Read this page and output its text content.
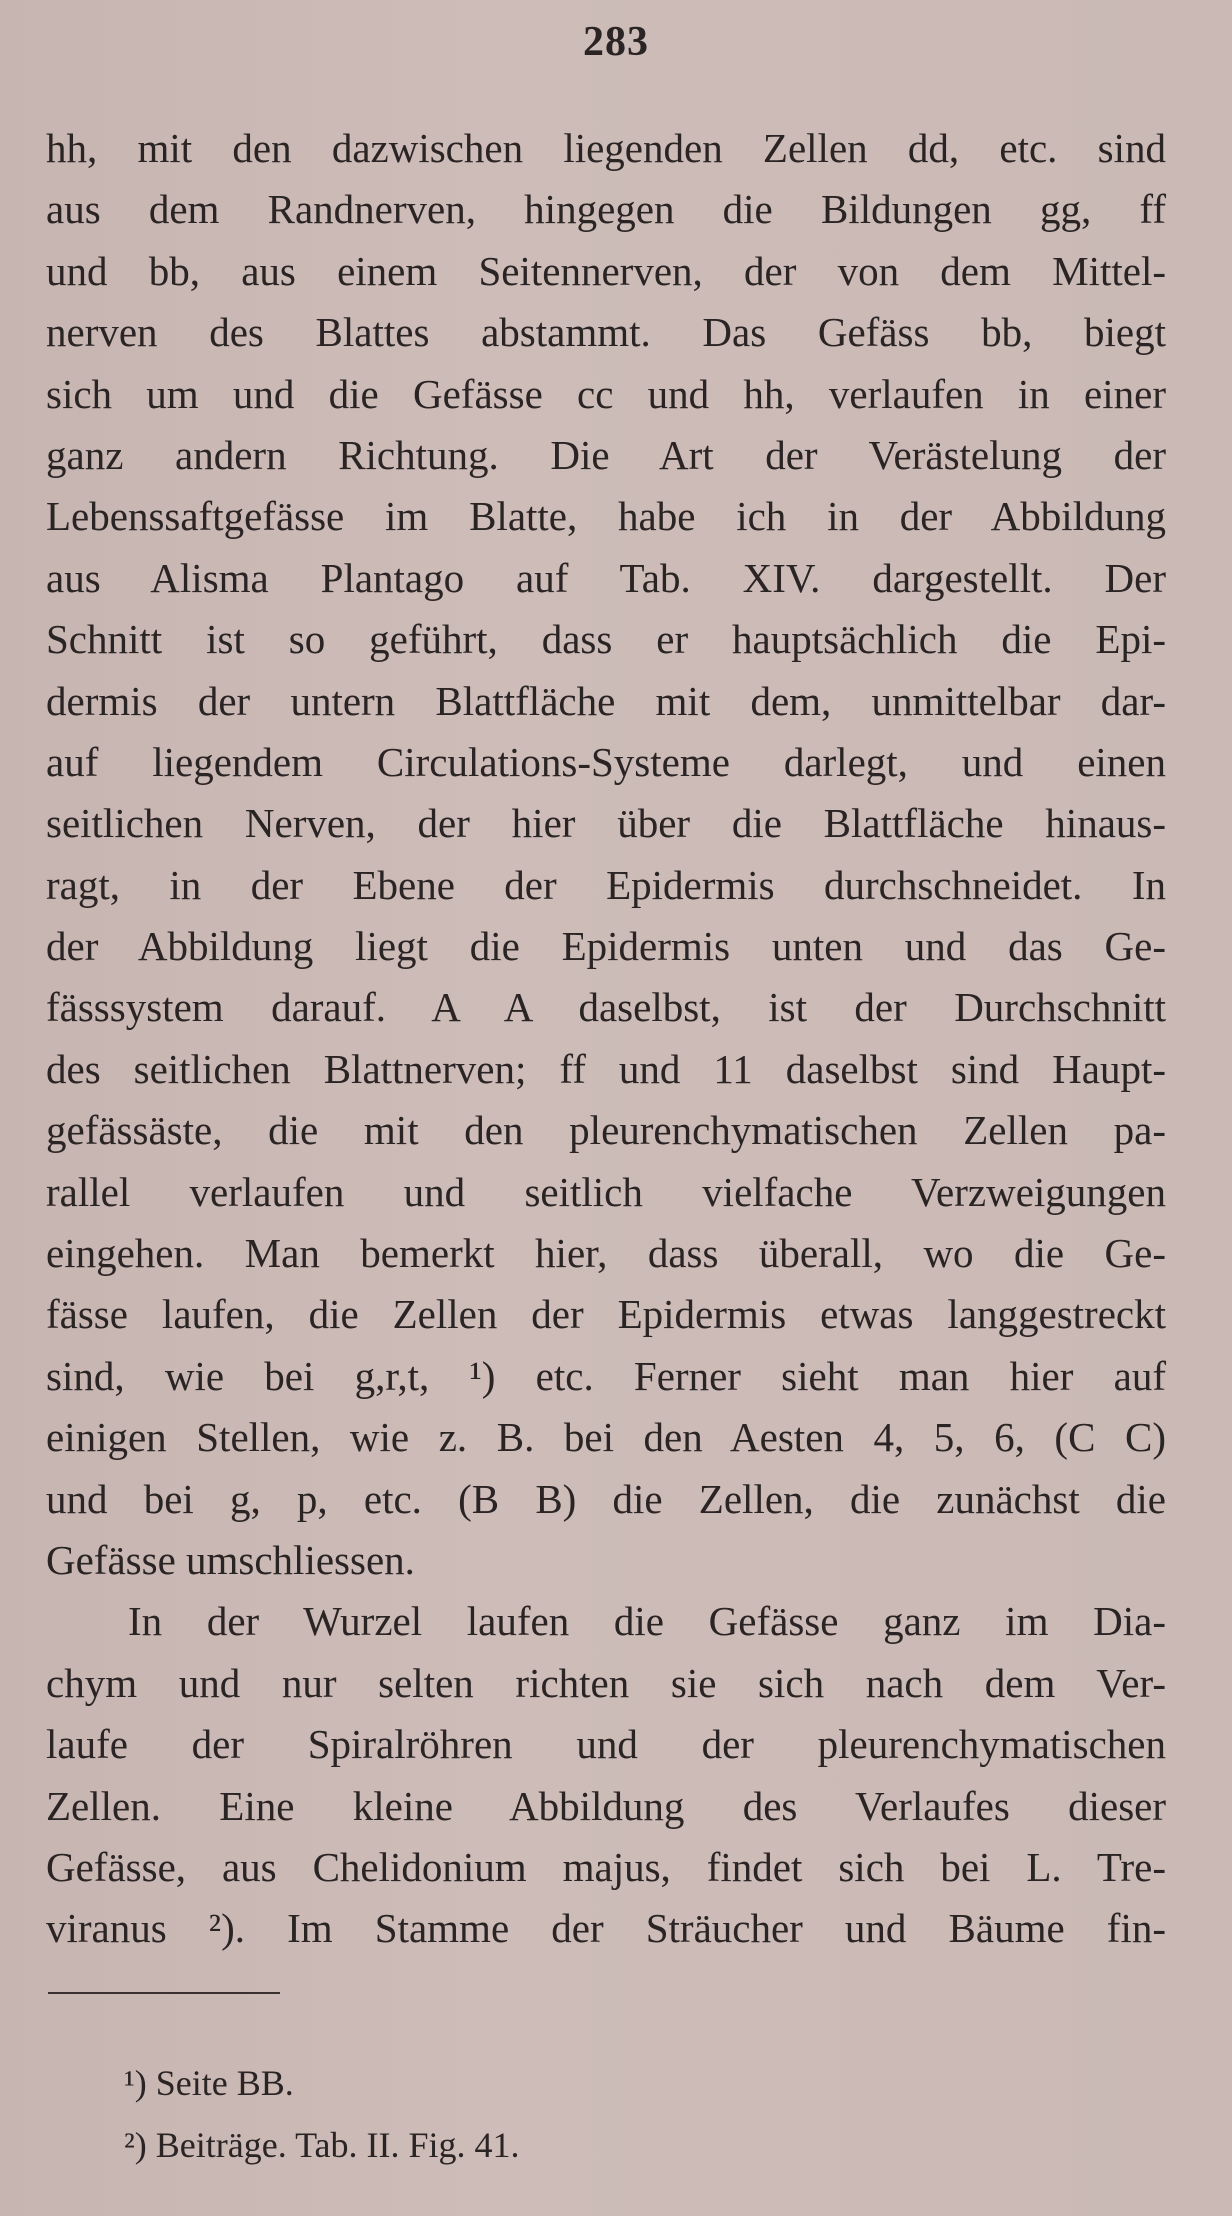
283
hh, mit den dazwischen liegenden Zellen dd, etc. sind
aus dem Randnerven, hingegen die Bildungen gg, ff
und bb, aus einem Seitennerven, der von dem Mittel-
nerven des Blattes abstammt. Das Gefäss bb, biegt
sich um und die Gefässe cc und hh, verlaufen in einer
ganz andern Richtung. Die Art der Verästelung der
Lebenssaftgefässe im Blatte, habe ich in der Abbildung
aus Alisma Plantago auf Tab. XIV. dargestellt. Der
Schnitt ist so geführt, dass er hauptsächlich die Epi-
dermis der untern Blattfläche mit dem, unmittelbar dar-
auf liegendem Circulations-Systeme darlegt, und einen
seitlichen Nerven, der hier über die Blattfläche hinaus-
ragt, in der Ebene der Epidermis durchschneidet. In
der Abbildung liegt die Epidermis unten und das Ge-
fässsystem darauf. A A daselbst, ist der Durchschnitt
des seitlichen Blattnerven; ff und 11 daselbst sind Haupt-
gefässäste, die mit den pleurenchymatischen Zellen pa-
rallel verlaufen und seitlich vielfache Verzweigungen
eingehen. Man bemerkt hier, dass überall, wo die Ge-
fässe laufen, die Zellen der Epidermis etwas langgestreckt
sind, wie bei g,r,t, ¹) etc. Ferner sieht man hier auf
einigen Stellen, wie z. B. bei den Aesten 4, 5, 6, (C C)
und bei g, p, etc. (B B) die Zellen, die zunächst die
Gefässe umschliessen.
In der Wurzel laufen die Gefässe ganz im Dia-
chym und nur selten richten sie sich nach dem Ver-
laufe der Spiralröhren und der pleurenchymatischen
Zellen. Eine kleine Abbildung des Verlaufes dieser
Gefässe, aus Chelidonium majus, findet sich bei L. Tre-
viranus ²). Im Stamme der Sträucher und Bäume fin-
¹) Seite BB.
²) Beiträge. Tab. II. Fig. 41.
